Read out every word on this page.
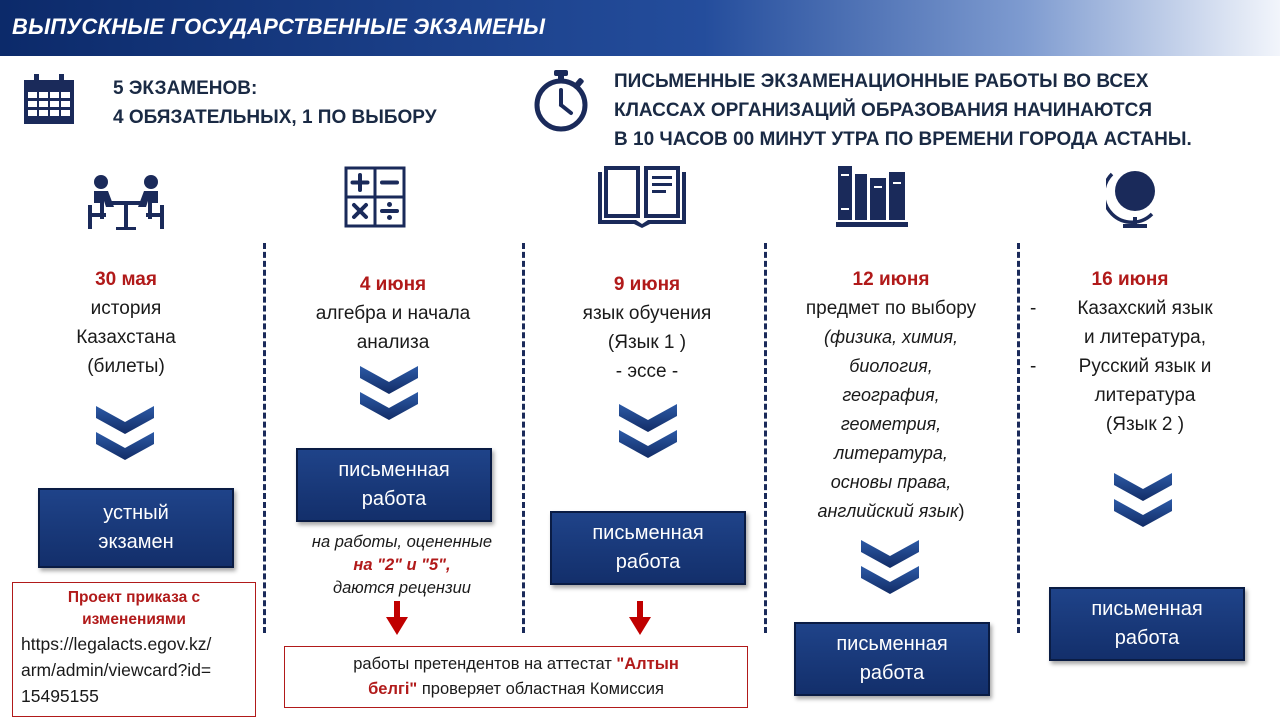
ВЫПУСКНЫЕ ГОСУДАРСТВЕННЫЕ ЭКЗАМЕНЫ
5 ЭКЗАМЕНОВ:
4 ОБЯЗАТЕЛЬНЫХ, 1 ПО ВЫБОРУ
ПИСЬМЕННЫЕ ЭКЗАМЕНАЦИОННЫЕ РАБОТЫ ВО ВСЕХ
КЛАССАХ ОРГАНИЗАЦИЙ ОБРАЗОВАНИЯ НАЧИНАЮТСЯ
В 10 ЧАСОВ 00 МИНУТ УТРА ПО ВРЕМЕНИ ГОРОДА АСТАНЫ.
30 мая
история
Казахстана
(билеты)
4 июня
алгебра и начала
анализа
9 июня
язык обучения
(Язык 1 )
- эссе -
12 июня
предмет по выбору
(физика, химия,
биология,
география,
геометрия,
литература,
основы права,
английский язык)
16 июня
-	Казахский язык
и литература,
-	Русский язык и
литература
(Язык 2 )
устный
экзамен
письменная
работа
письменная
работа
письменная
работа
письменная
работа
на работы, оцененные
на "2" и "5",
даются рецензии
Проект приказа с
изменениями
https://legalacts.egov.kz/
arm/admin/viewcard?id=
15495155
работы претендентов на аттестат "Алтын
белгі" проверяет областная Комиссия
